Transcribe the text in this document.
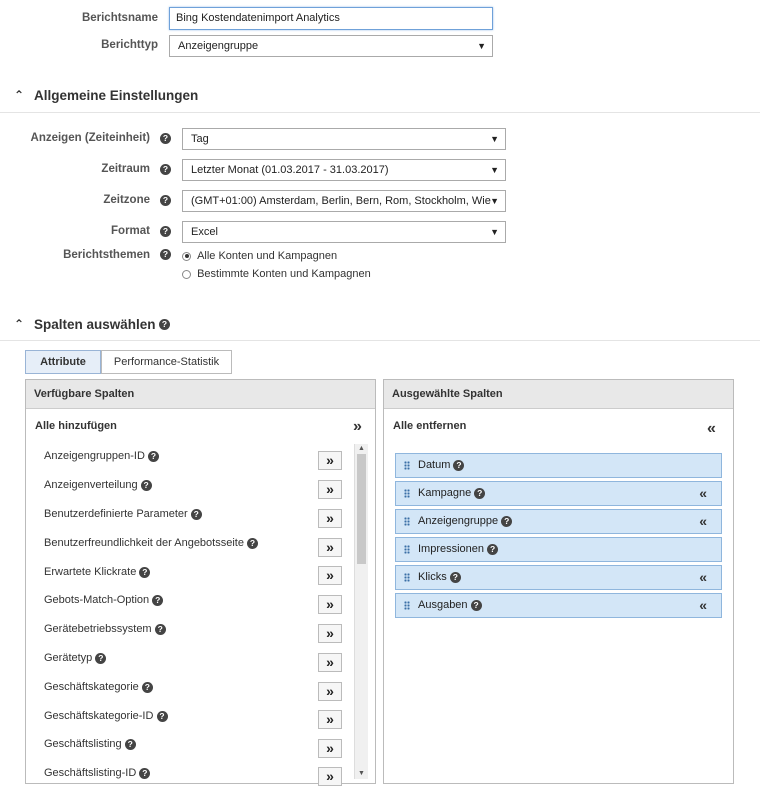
Berichtsname	Bing Kostendatenimport Analytics
Berichttyp	Anzeigengruppe	▼
⌃ Allgemeine Einstellungen
Anzeigen (Zeiteinheit)	?	Tag	▼
Zeitraum	?	Letzter Monat (01.03.2017 - 31.03.2017)	▼
Zeitzone	?	(GMT+01:00) Amsterdam, Berlin, Bern, Rom, Stockholm, Wie ▼
Format	?	Excel	▼
Berichtsthemen	?	Alle Konten und Kampagnen
Bestimmte Konten und Kampagnen
⌃ Spalten auswählen ?
Attribute	Performance-Statistik
Verfügbare Spalten
Alle hinzufügen	»
Anzeigengruppen-ID ?	»
Anzeigenverteilung ?	»
Benutzerdefinierte Parameter ?	»
Benutzerfreundlichkeit der Angebotsseite ?	»
Erwartete Klickrate ?	»
Gebots-Match-Option ?	»
Gerätebetriebssystem ?	»
Gerätetyp ?	»
Geschäftskategorie ?	»
Geschäftskategorie-ID ?	»
Geschäftslisting ?	»
Geschäftslisting-ID ?	»
▲
▼
Ausgewählte Spalten
Alle entfernen	«
Datum ?
Kampagne ?	«
Anzeigengruppe ?	«
Impressionen ?
Klicks ?	«
Ausgaben ?	«
